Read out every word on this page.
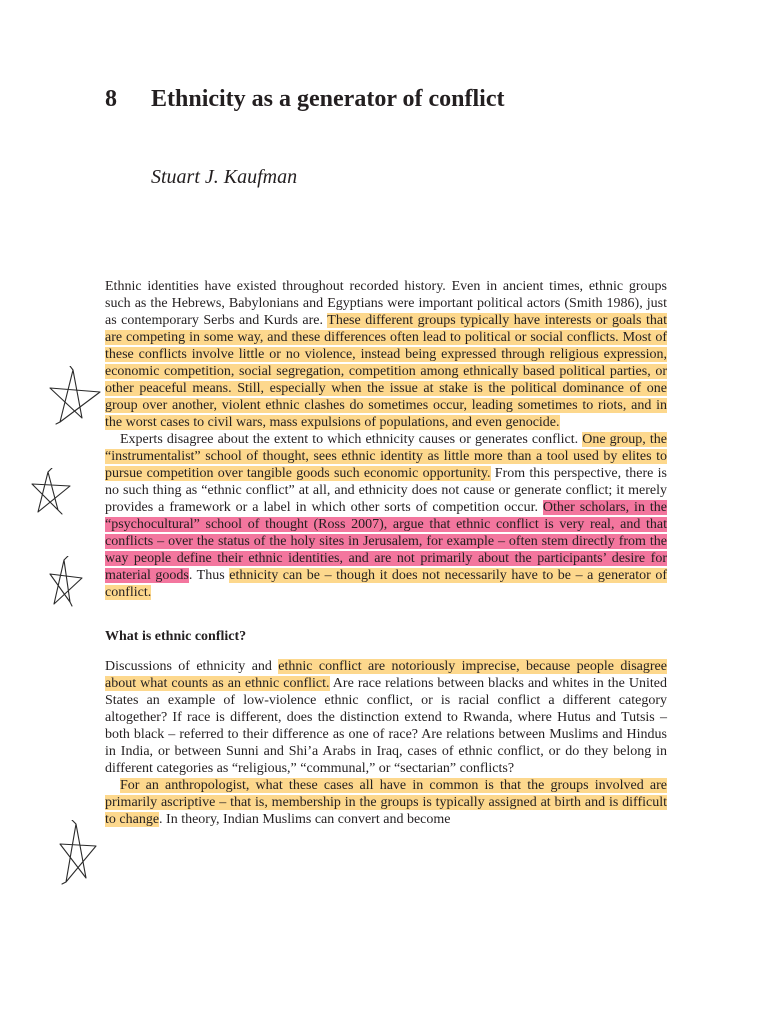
8 Ethnicity as a generator of conflict

Stuart J. Kaufman

Ethnic identities have existed throughout recorded history. Even in ancient times, ethnic groups such as the Hebrews, Babylonians and Egyptians were important political actors (Smith 1986), just as contemporary Serbs and Kurds are. These different groups typically have interests or goals that are competing in some way, and these differences often lead to political or social conflicts. Most of these conflicts involve little or no violence, instead being expressed through religious expression, economic competition, social segregation, competition among ethnically based political parties, or other peaceful means. Still, especially when the issue at stake is the political dominance of one group over another, violent ethnic clashes do sometimes occur, leading sometimes to riots, and in the worst cases to civil wars, mass expulsions of populations, and even genocide.

Experts disagree about the extent to which ethnicity causes or generates conflict. One group, the “instrumentalist” school of thought, sees ethnic identity as little more than a tool used by elites to pursue competition over tangible goods such economic opportunity. From this perspective, there is no such thing as “ethnic conflict” at all, and ethnicity does not cause or generate conflict; it merely provides a framework or a label in which other sorts of competition occur. Other scholars, in the “psychocultural” school of thought (Ross 2007), argue that ethnic conflict is very real, and that conflicts – over the status of the holy sites in Jerusalem, for example – often stem directly from the way people define their ethnic identities, and are not primarily about the participants’ desire for material goods. Thus ethnicity can be – though it does not necessarily have to be – a generator of conflict.

What is ethnic conflict?

Discussions of ethnicity and ethnic conflict are notoriously imprecise, because people disagree about what counts as an ethnic conflict. Are race relations between blacks and whites in the United States an example of low-violence ethnic conflict, or is racial conflict a different category altogether? If race is different, does the distinction extend to Rwanda, where Hutus and Tutsis – both black – referred to their difference as one of race? Are relations between Muslims and Hindus in India, or between Sunni and Shi’a Arabs in Iraq, cases of ethnic conflict, or do they belong in different categories as “religious,” “communal,” or “sectarian” conflicts?

For an anthropologist, what these cases all have in common is that the groups involved are primarily ascriptive – that is, membership in the groups is typically assigned at birth and is difficult to change. In theory, Indian Muslims can convert and become
